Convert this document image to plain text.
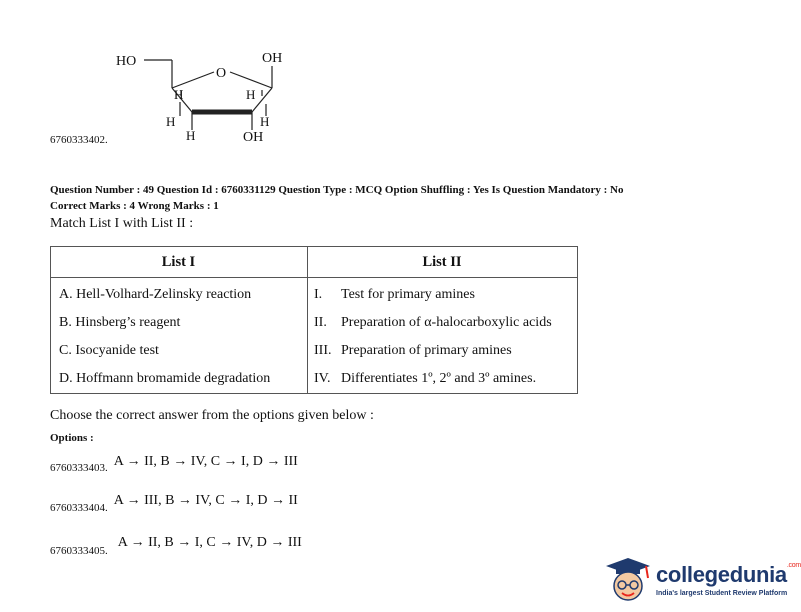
HO	OH
O
H	H
H	H
H	OH
6760333402.
Question Number : 49 Question Id : 6760331129 Question Type : MCQ Option Shuffling : Yes Is Question Mandatory : No
Correct Marks : 4 Wrong Marks : 1
Match List I with List II :
List I	List II
A. Hell-Volhard-Zelinsky reaction	I. Test for primary amines
B. Hinsberg’s reagent	II. Preparation of α-halocarboxylic acids
C. Isocyanide test	III. Preparation of primary amines
D. Hoffmann bromamide degradation	IV. Differentiates 1º, 2º and 3º amines.
Choose the correct answer from the options given below :
Options :
$_{6760333403.}$ A → II, B → IV, C → I, D → III
$_{6760333404.}$ A → III, B → IV, C → I, D → II
$_{6760333405.}$ A → II, B → I, C → IV, D → III
collegedunia$^{.com}$
India's largest Student Review Platform
